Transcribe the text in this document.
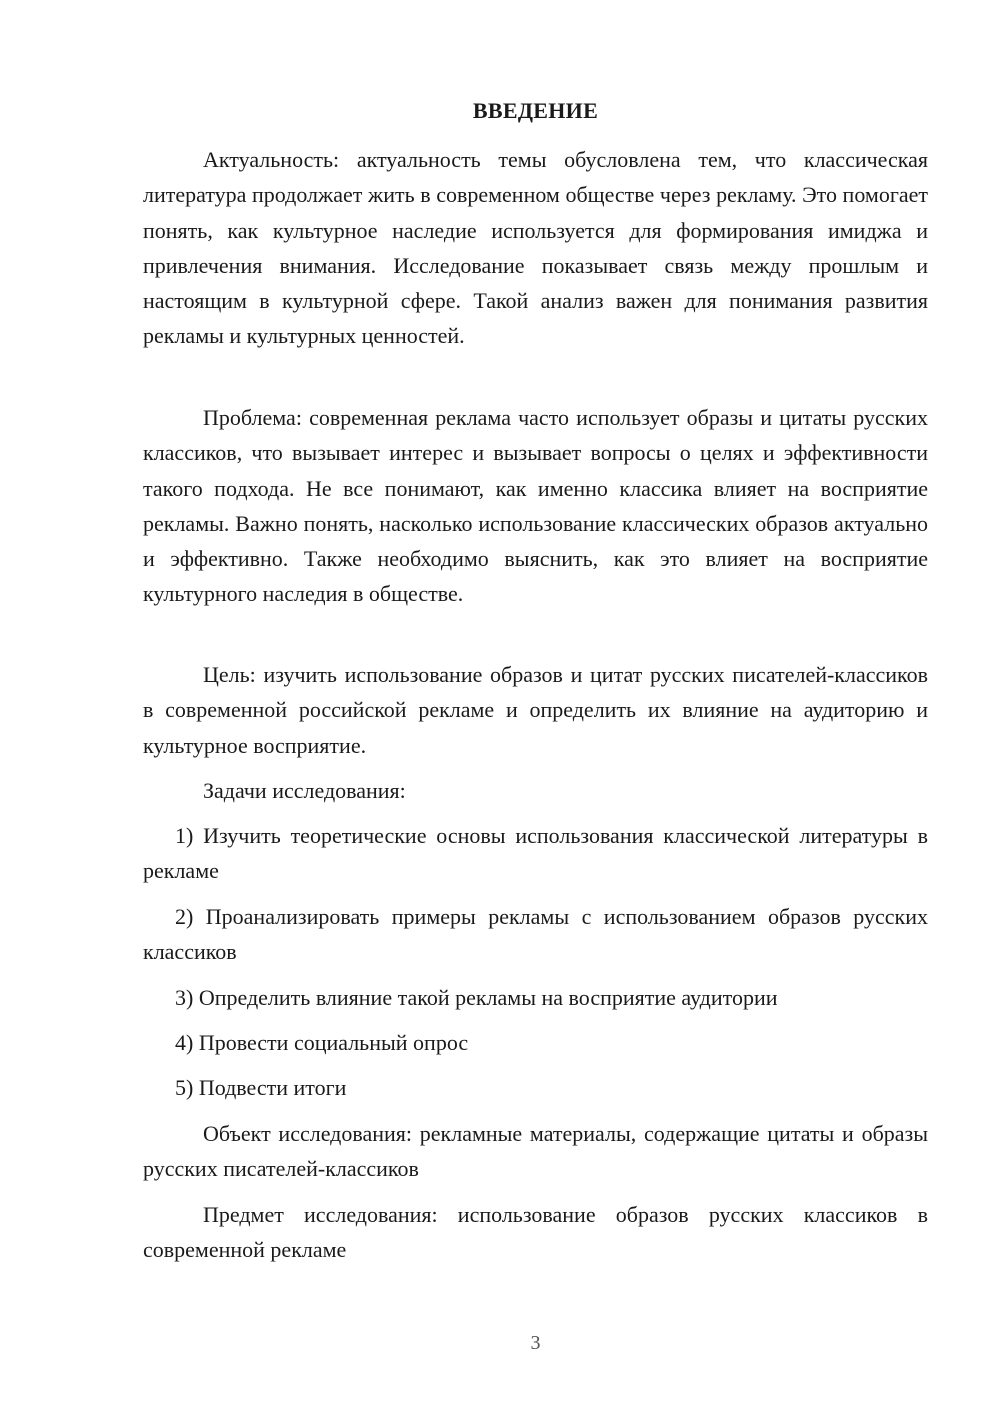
ВВЕДЕНИЕ

Актуальность: актуальность темы обусловлена тем, что классическая литература продолжает жить в современном обществе через рекламу. Это помогает понять, как культурное наследие используется для формирования имиджа и привлечения внимания. Исследование показывает связь между прошлым и настоящим в культурной сфере. Такой анализ важен для понимания развития рекламы и культурных ценностей.

Проблема: современная реклама часто использует образы и цитаты русских классиков, что вызывает интерес и вызывает вопросы о целях и эффективности такого подхода. Не все понимают, как именно классика влияет на восприятие рекламы. Важно понять, насколько использование классических образов актуально и эффективно. Также необходимо выяснить, как это влияет на восприятие культурного наследия в обществе.

Цель: изучить использование образов и цитат русских писателей-классиков в современной российской рекламе и определить их влияние на аудиторию и культурное восприятие.

Задачи исследования:

1) Изучить теоретические основы использования классической литературы в рекламе

2) Проанализировать примеры рекламы с использованием образов русских классиков

3) Определить влияние такой рекламы на восприятие аудитории

4) Провести социальный опрос

5) Подвести итоги

Объект исследования: рекламные материалы, содержащие цитаты и образы русских писателей-классиков

Предмет исследования: использование образов русских классиков в современной рекламе

3
